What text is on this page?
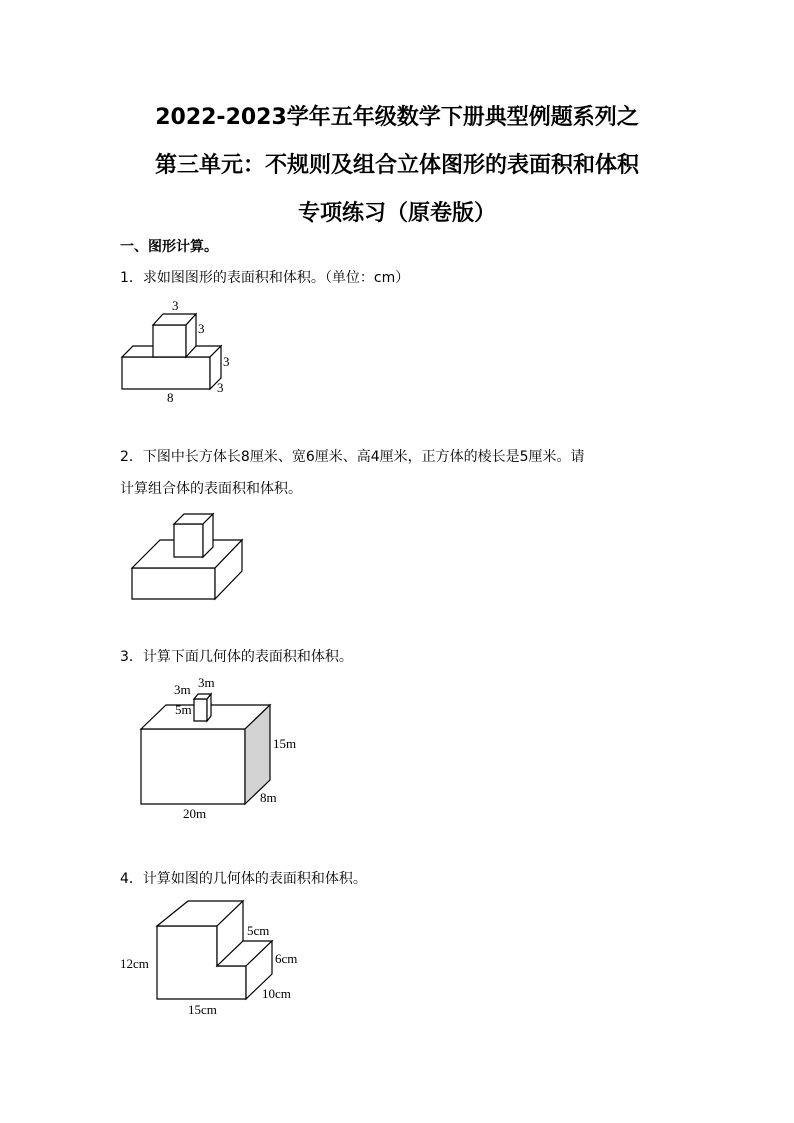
2022-2023学年五年级数学下册典型例题系列之
第三单元：不规则及组合立体图形的表面积和体积
专项练习（原卷版）
一、图形计算。
1．求如图图形的表面积和体积。（单位：cm）
3
3
3
3
8
2．下图中长方体长8厘米、宽6厘米、高4厘米，正方体的棱长是5厘米。请
计算组合体的表面积和体积。
3．计算下面几何体的表面积和体积。
3m 3m
5m
15m
8m
20m
4．计算如图的几何体的表面积和体积。
5cm
6cm
10cm
12cm
15cm
